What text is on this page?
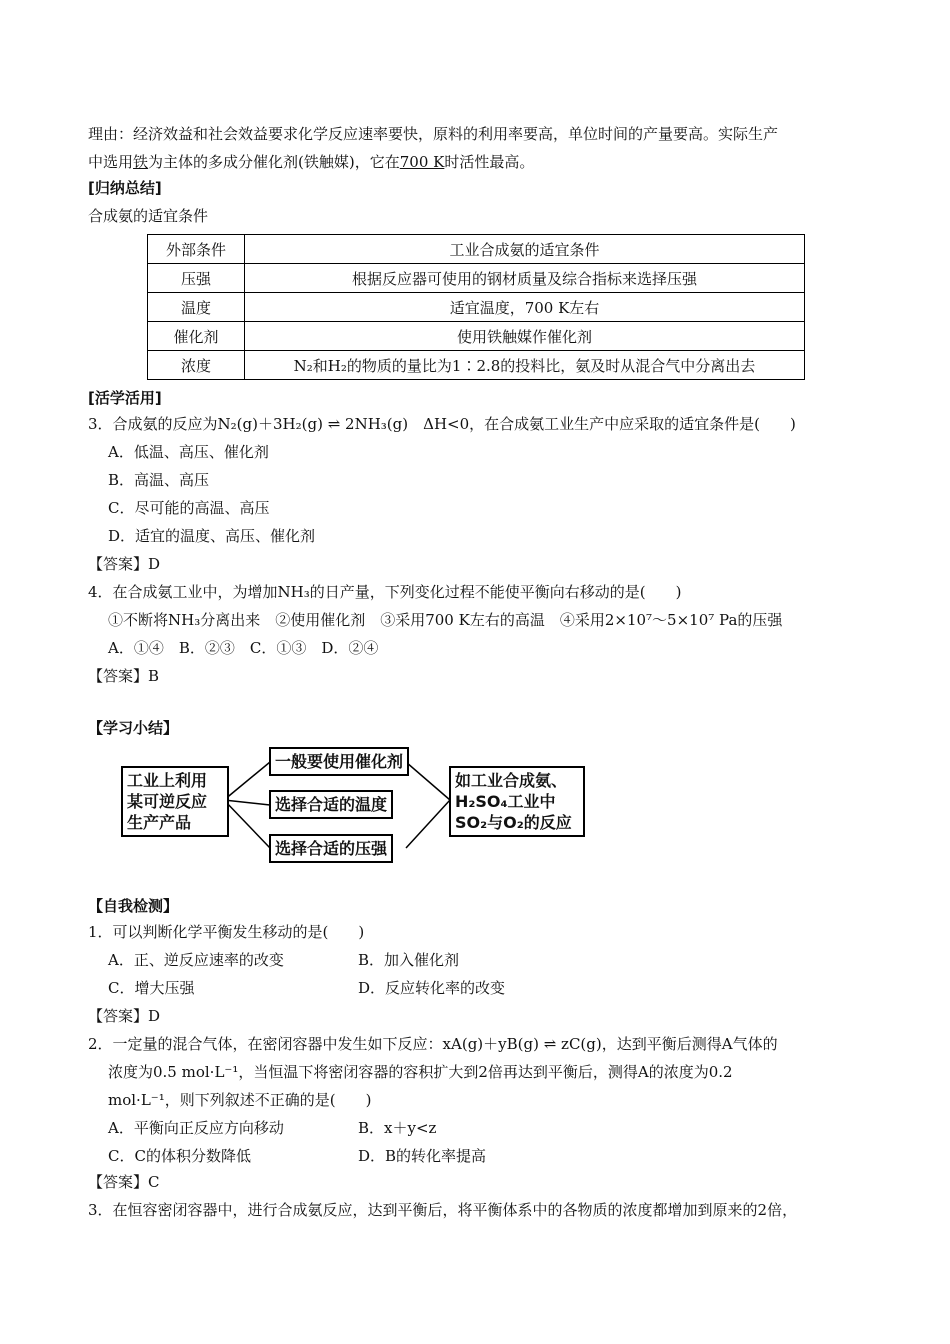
理由：经济效益和社会效益要求化学反应速率要快，原料的利用率要高，单位时间的产量要高。实际生产
中选用铁为主体的多成分催化剂(铁触媒)，它在700 K时活性最高。
[归纳总结]
合成氨的适宜条件
外部条件	工业合成氨的适宜条件
压强	根据反应器可使用的钢材质量及综合指标来选择压强
温度	适宜温度，700 K左右
催化剂	使用铁触媒作催化剂
浓度	N₂和H₂的物质的量比为1∶2.8的投料比，氨及时从混合气中分离出去
[活学活用]
3．合成氨的反应为N₂(g)＋3H₂(g) ⇌ 2NH₃(g)　ΔH<0，在合成氨工业生产中应采取的适宜条件是(　　)
A．低温、高压、催化剂
B．高温、高压
C．尽可能的高温、高压
D．适宜的温度、高压、催化剂
【答案】D
4．在合成氨工业中，为增加NH₃的日产量，下列变化过程不能使平衡向右移动的是(　　)
①不断将NH₃分离出来　②使用催化剂　③采用700 K左右的高温　④采用2×10⁷～5×10⁷ Pa的压强
A．①④　B．②③　C．①③　D．②④
【答案】B
【学习小结】
工业上利用
某可逆反应
生产产品
一般要使用催化剂
选择合适的温度
选择合适的压强
如工业合成氨、
H₂SO₄工业中
SO₂与O₂的反应
【自我检测】
1．可以判断化学平衡发生移动的是(　　)
A．正、逆反应速率的改变	B．加入催化剂
C．增大压强	D．反应转化率的改变
【答案】D
2．一定量的混合气体，在密闭容器中发生如下反应：xA(g)＋yB(g) ⇌ zC(g)，达到平衡后测得A气体的
浓度为0.5 mol·L⁻¹，当恒温下将密闭容器的容积扩大到2倍再达到平衡后，测得A的浓度为0.2
mol·L⁻¹，则下列叙述不正确的是(　　)
A．平衡向正反应方向移动	B．x＋y<z
C．C的体积分数降低	D．B的转化率提高
【答案】C
3．在恒容密闭容器中，进行合成氨反应，达到平衡后，将平衡体系中的各物质的浓度都增加到原来的2倍，
